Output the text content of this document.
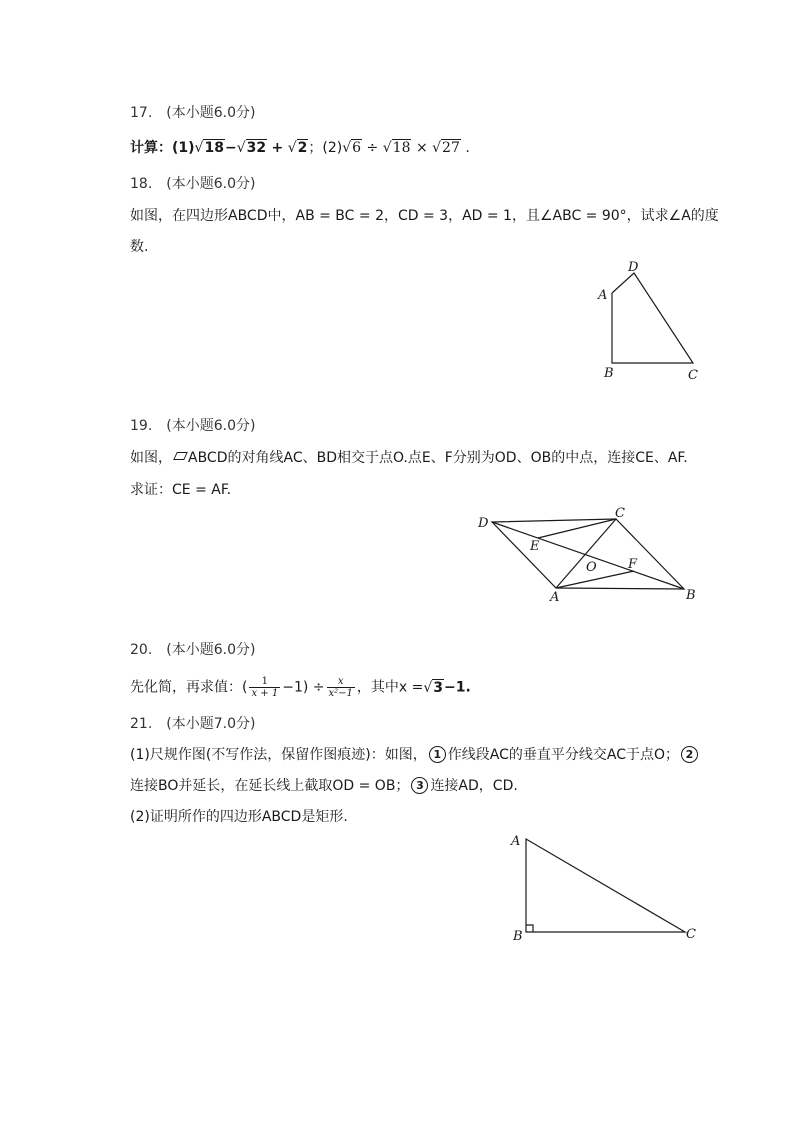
17.　(本小题6.0分)
计算：(1)√18−√32 + √2；(2)√6 ÷ √18 × √27 .
18.　(本小题6.0分)
如图，在四边形ABCD中，AB = BC = 2，CD = 3，AD = 1，且∠ABC = 90°，试求∠A的度
数.
D
A
B	C
19.　(本小题6.0分)
如图， ABCD的对角线AC、BD相交于点O.点E、F分别为OD、OB的中点，连接CE、AF.
求证：CE = AF.
D
C
E
O F
A	B
20.　(本小题6.0分)
先化简，再求值：( $\frac{1}{x + 1} -1) \div \frac{x}{\text{x²−1}}$ ，其中x =√3−1.
21.　(本小题7.0分)
(1)尺规作图(不写作法，保留作图痕迹)：如图， 1 作线段AC的垂直平分线交AC于点O； 2
连接BO并延长，在延长线上截取OD = OB； 3 连接AD，CD.
(2)证明所作的四边形ABCD是矩形.
A
B	C
